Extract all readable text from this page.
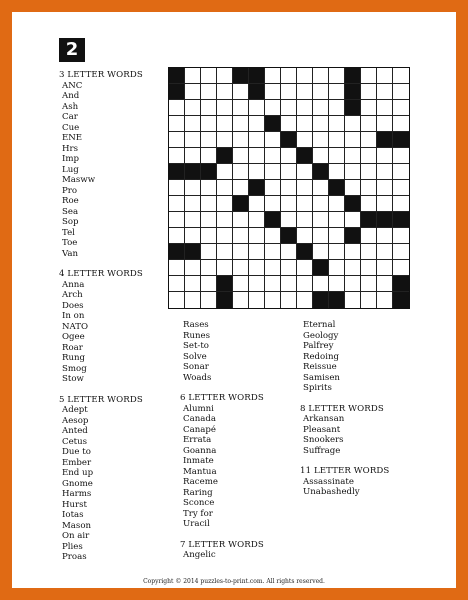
2
3 LETTER WORDS
ANC
And
Ash
Car
Cue
ENE
Hrs
Imp
Lug
Masww
Pro
Roe
Sea
Sop
Tel
Toe
Van
4 LETTER WORDS
Anna
Arch
Does
In on
NATO
Ogee
Roar
Rung
Smog
Stow
5 LETTER WORDS
Adept
Aesop
Anted
Cetus
Due to
Ember
End up
Gnome
Harms
Hurst
Iotas
Mason
On air
Plies
Proas
Rases
Runes
Set-to
Solve
Sonar
Woads
6 LETTER WORDS
Alumni
Canada
Canapé
Errata
Goanna
Inmate
Mantua
Raceme
Raring
Sconce
Try for
Uracil
7 LETTER WORDS
Angelic
Eternal
Geology
Palfrey
Redoing
Reissue
Samisen
Spirits
8 LETTER WORDS
Arkansan
Pleasant
Snookers
Suffrage
11 LETTER WORDS
Assassinate
Unabashedly
Copyright © 2014 puzzles-to-print.com. All rights reserved.
